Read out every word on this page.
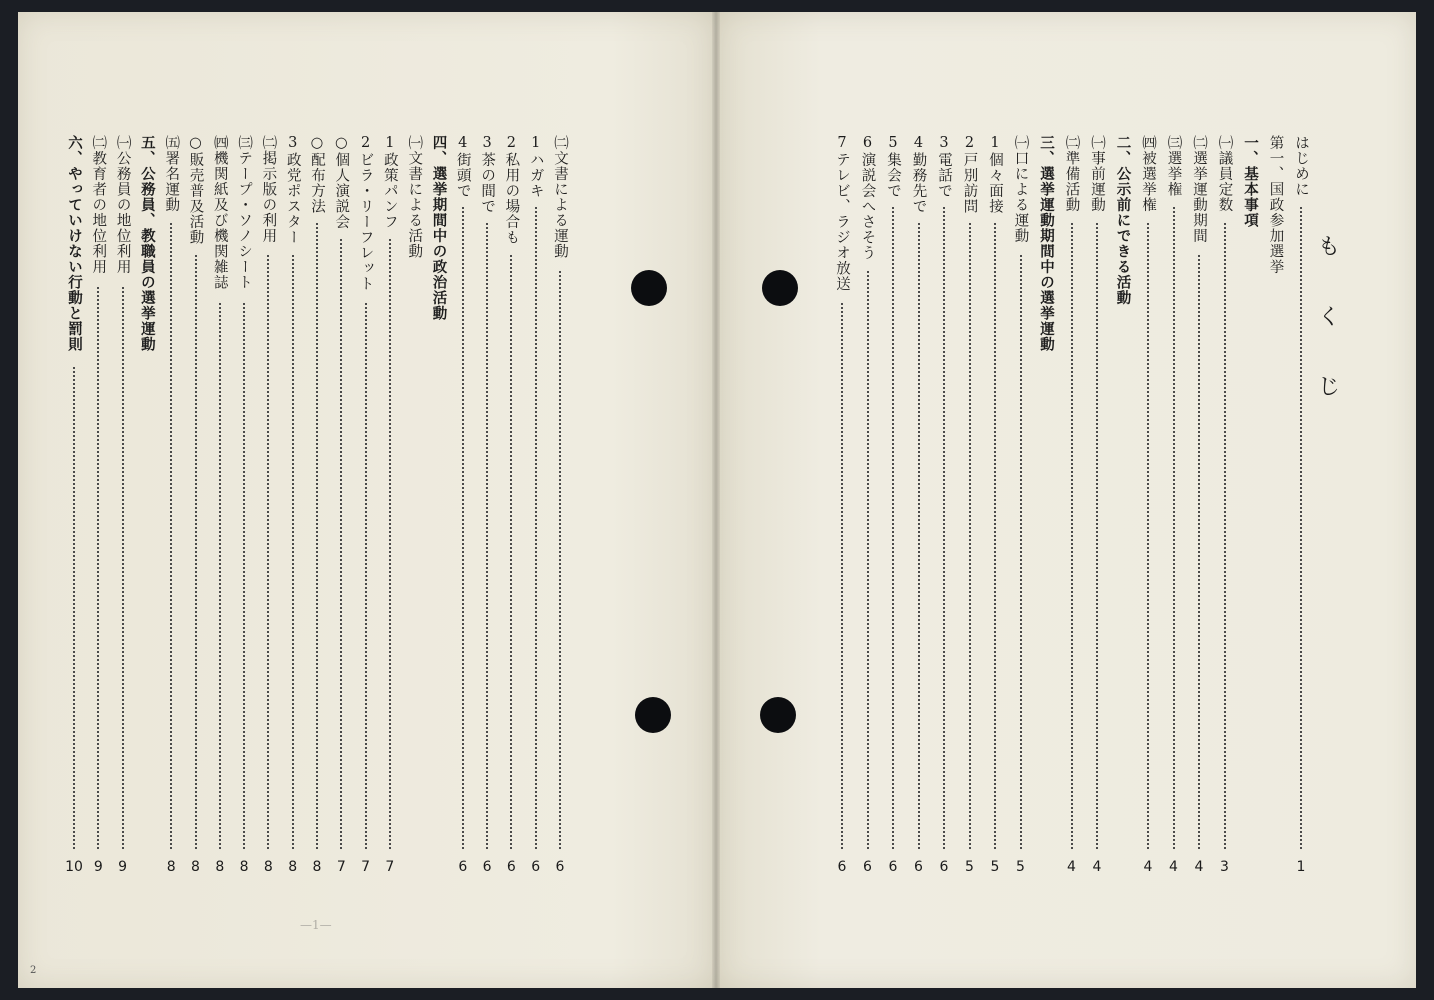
も
く
じ
はじめに
1
第一、国政参加選挙
一、基本事項
㈠議員定数
3
㈡選挙運動期間
4
㈢選挙権
4
㈣被選挙権
4
二、公示前にできる活動
㈠事前運動
4
㈡準備活動
4
三、選挙運動期間中の選挙運動
㈠口による運動
5
1個々面接
5
2戸別訪問
5
3電話で
6
4勤務先で
6
5集会で
6
6演説会へさそう
6
7テレビ、ラジオ放送
6
㈡文書による運動
6
1ハガキ
6
2私用の場合も
6
3茶の間で
6
4街頭で
6
四、選挙期間中の政治活動
㈠文書による活動
1政策パンフ
7
2ビラ・リーフレット
7
○個人演説会
7
○配布方法
8
3政党ポスター
8
㈡掲示版の利用
8
㈢テープ・ソノシート
8
㈣機関紙及び機関雑誌
8
○販売普及活動
8
㈤署名運動
8
五、公務員、教職員の選挙運動
㈠公務員の地位利用
9
㈡教育者の地位利用
9
六、やっていけない行動と罰則
10
—1—
2
